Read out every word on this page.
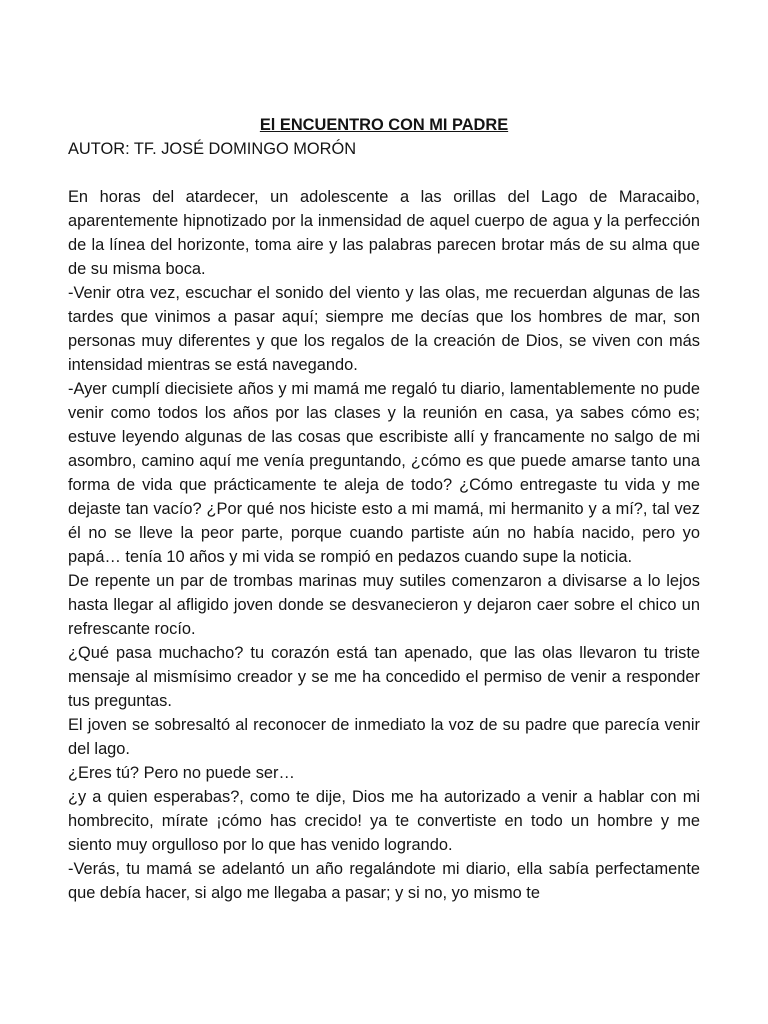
El ENCUENTRO CON MI PADRE

AUTOR: TF. JOSÉ DOMINGO MORÓN

En horas del atardecer, un adolescente a las orillas del Lago de Maracaibo, aparentemente hipnotizado por la inmensidad de aquel cuerpo de agua y la perfección de la línea del horizonte, toma aire y las palabras parecen brotar más de su alma que de su misma boca.

-Venir otra vez, escuchar el sonido del viento y las olas, me recuerdan algunas de las tardes que vinimos a pasar aquí; siempre me decías que los hombres de mar, son personas muy diferentes y que los regalos de la creación de Dios, se viven con más intensidad mientras se está navegando.

-Ayer cumplí diecisiete años y mi mamá me regaló tu diario, lamentablemente no pude venir como todos los años por las clases y la reunión en casa, ya sabes cómo es; estuve leyendo algunas de las cosas que escribiste allí y francamente no salgo de mi asombro, camino aquí me venía preguntando, ¿cómo es que puede amarse tanto una forma de vida que prácticamente te aleja de todo? ¿Cómo entregaste tu vida y me dejaste tan vacío? ¿Por qué nos hiciste esto a mi mamá, mi hermanito y a mí?, tal vez él no se lleve la peor parte, porque cuando partiste aún no había nacido, pero yo papá… tenía 10 años y mi vida se rompió en pedazos cuando supe la noticia.

De repente un par de trombas marinas muy sutiles comenzaron a divisarse a lo lejos hasta llegar al afligido joven donde se desvanecieron y dejaron caer sobre el chico un refrescante rocío.

¿Qué pasa muchacho? tu corazón está tan apenado, que las olas llevaron tu triste mensaje al mismísimo creador y se me ha concedido el permiso de venir a responder tus preguntas.

El joven se sobresaltó al reconocer de inmediato la voz de su padre que parecía venir del lago.

¿Eres tú? Pero no puede ser…

¿y a quien esperabas?, como te dije, Dios me ha autorizado a venir a hablar con mi hombrecito, mírate ¡cómo has crecido! ya te convertiste en todo un hombre y me siento muy orgulloso por lo que has venido logrando.

-Verás, tu mamá se adelantó un año regalándote mi diario, ella sabía perfectamente que debía hacer, si algo me llegaba a pasar; y si no, yo mismo te
